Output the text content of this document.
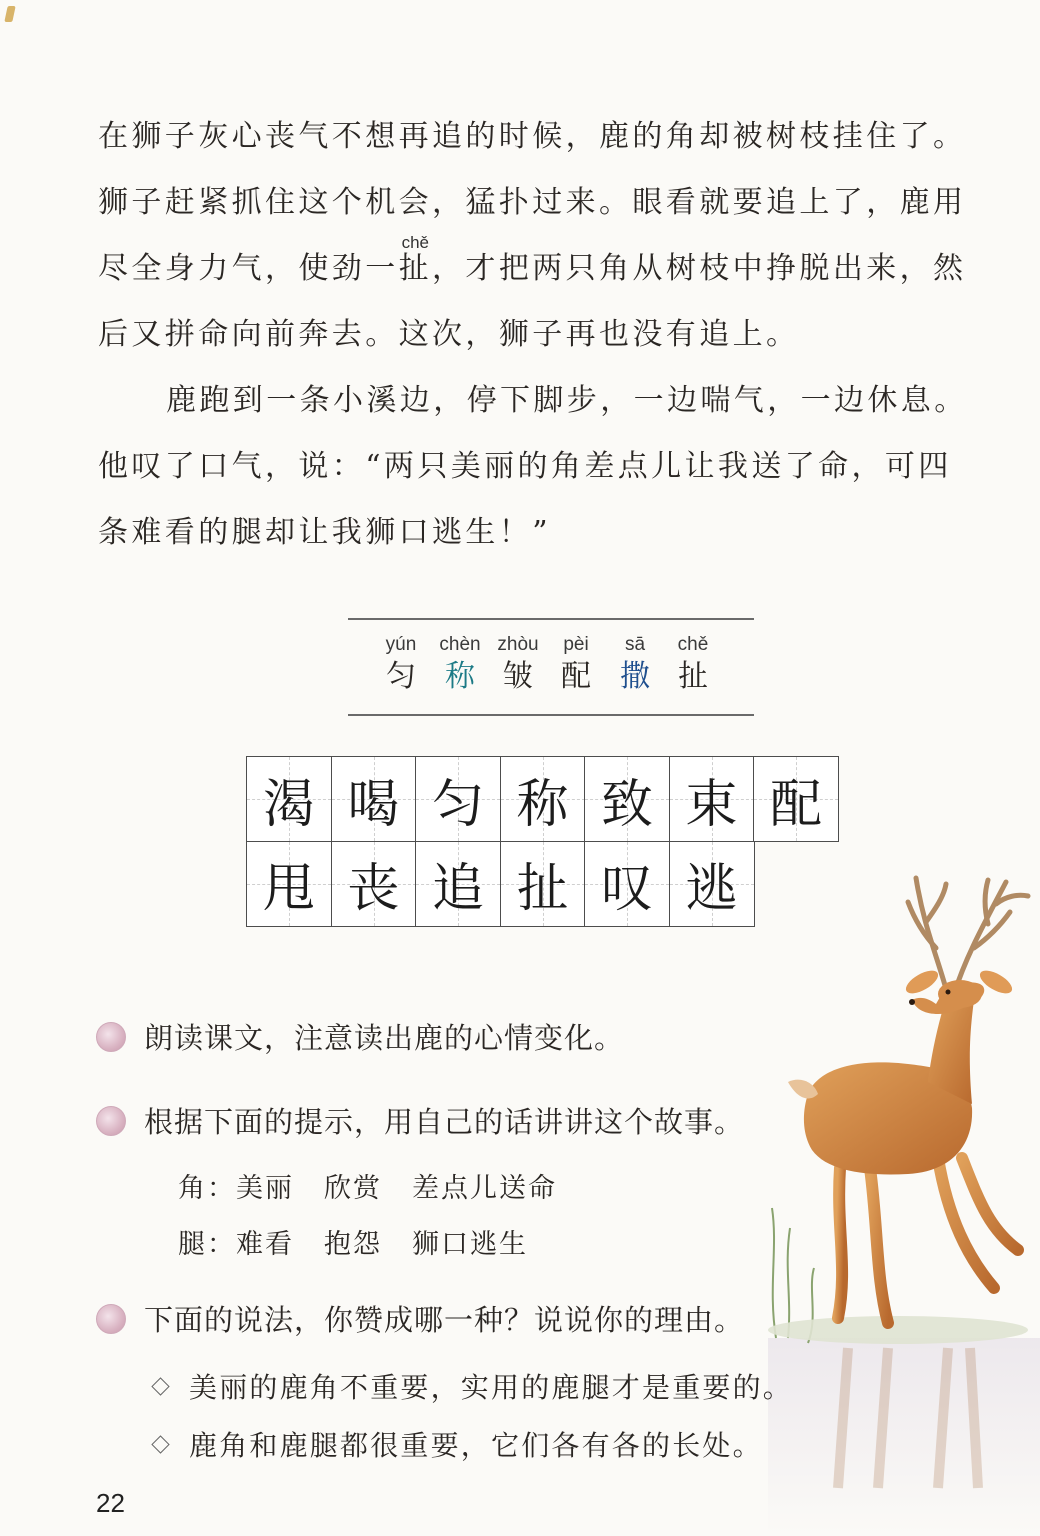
在狮子灰心丧气不想再追的时候，鹿的角却被树枝挂住了。

狮子赶紧抓住这个机会，猛扑过来。眼看就要追上了，鹿用

尽全身力气，使劲一
chě
扯，才把两只角从树枝中挣脱出来，然

后又拼命向前奔去。这次，狮子再也没有追上。

鹿跑到一条小溪边，停下脚步，一边喘气，一边休息。

他叹了口气，说：“两只美丽的角差点儿让我送了命，可四

条难看的腿却让我狮口逃生！”

yún
匀
chèn
称
zhòu
皱
pèi
配
sā
撒
chě
扯
渴 喝 匀 称 致 束 配
甩 丧 追 扯 叹 逃
朗读课文，注意读出鹿的心情变化。
根据下面的提示，用自己的话讲讲这个故事。
角：美丽 欣赏 差点儿送命
腿：难看 抱怨 狮口逃生
下面的说法，你赞成哪一种？说说你的理由。
美丽的鹿角不重要，实用的鹿腿才是重要的。
鹿角和鹿腿都很重要，它们各有各的长处。
22
